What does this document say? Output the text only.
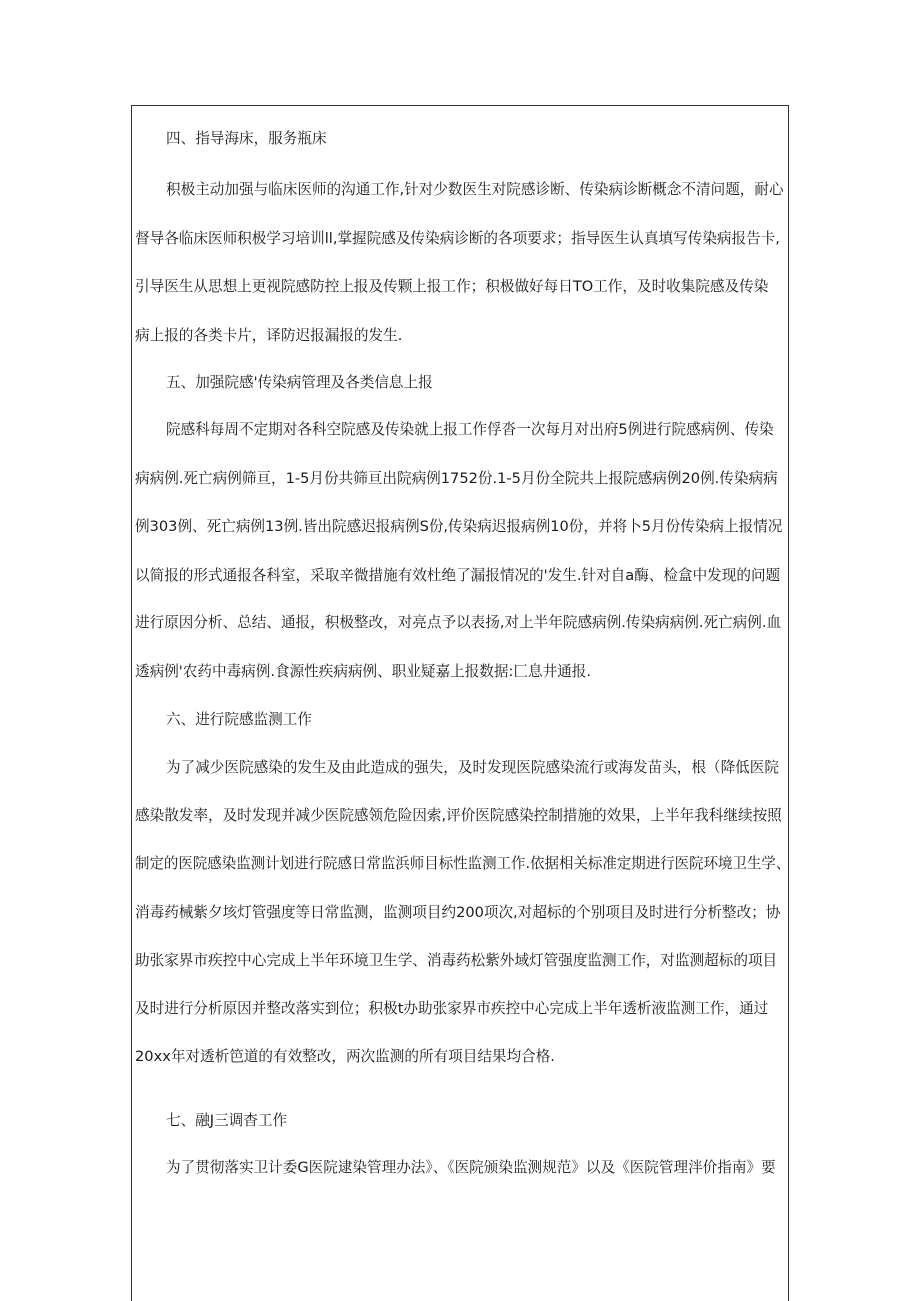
四、指导海床，服务瓶床
积极主动加强与临床医师的沟通工作,针对少数医生对院感诊断、传染病诊断概念不清问题，耐心
督导各临床医师积极学习培训ll,掌握院感及传染病诊断的各项要求；指导医生认真填写传染病报告卡,
引导医生从思想上更视院感防控上报及传颗上报工作；积极做好每日TO工作，及时收集院感及传染
病上报的各类卡片，译防迟报漏报的发生.
五、加强院感'传染病管理及各类信息上报
院感科每周不定期对各科空院感及传染就上报工作俘沓一次每月对出府5例进行院感病例、传染
病病例.死亡病例筛亘，1-5月份共筛亘出院病例1752份.1-5月份全院共上报院感病例20例.传染病病
例303例、死亡病例13例.皆出院感迟报病例S份,传染病迟报病例10份，并将卜5月份传染病上报情况
以简报的形式通报各科室，采取辛微措施有效杜绝了漏报情况的'发生.针对自a酶、检盒中发现的问题
进行原因分析、总结、通报，积极整改，对亮点予以表扬,对上半年院感病例.传染病病例.死亡病例.血
透病例'农药中毒病例.食源性疾病病例、职业疑嘉上报数据:匚息井通报.
六、进行院感监测工作
为了减少医院感染的发生及由此造成的强失，及时发现医院感染流行或海发苗头，根（降低医院
感染散发率，及时发现并减少医院感领危险因索,评价医院感染控制措施的效果，上半年我科继续按照
制定的医院感染监测计划进行院感日常监浜师目标性监测工作.依据相关标准定期进行医院环境卫生学、
消毒药械紫夕垓灯管强度等日常监测，监测项目约200项次,对超标的个别项目及时进行分析整改；协
助张家界市疾控中心完成上半年环境卫生学、消毒药松紫外域灯管强度监测工作，对监测超标的项目
及时进行分析原因并整改落实到位；积极t办助张家界市疾控中心完成上半年透析液监测工作，通过
20xx年对透析笆道的有效整改，两次监测的所有项目结果均合格.
七、融J三调杳工作
为了贯彻落实卫计委G医院逮染管理办法》、《医院颁染监测规范》以及《医院管理泮价指南》要
